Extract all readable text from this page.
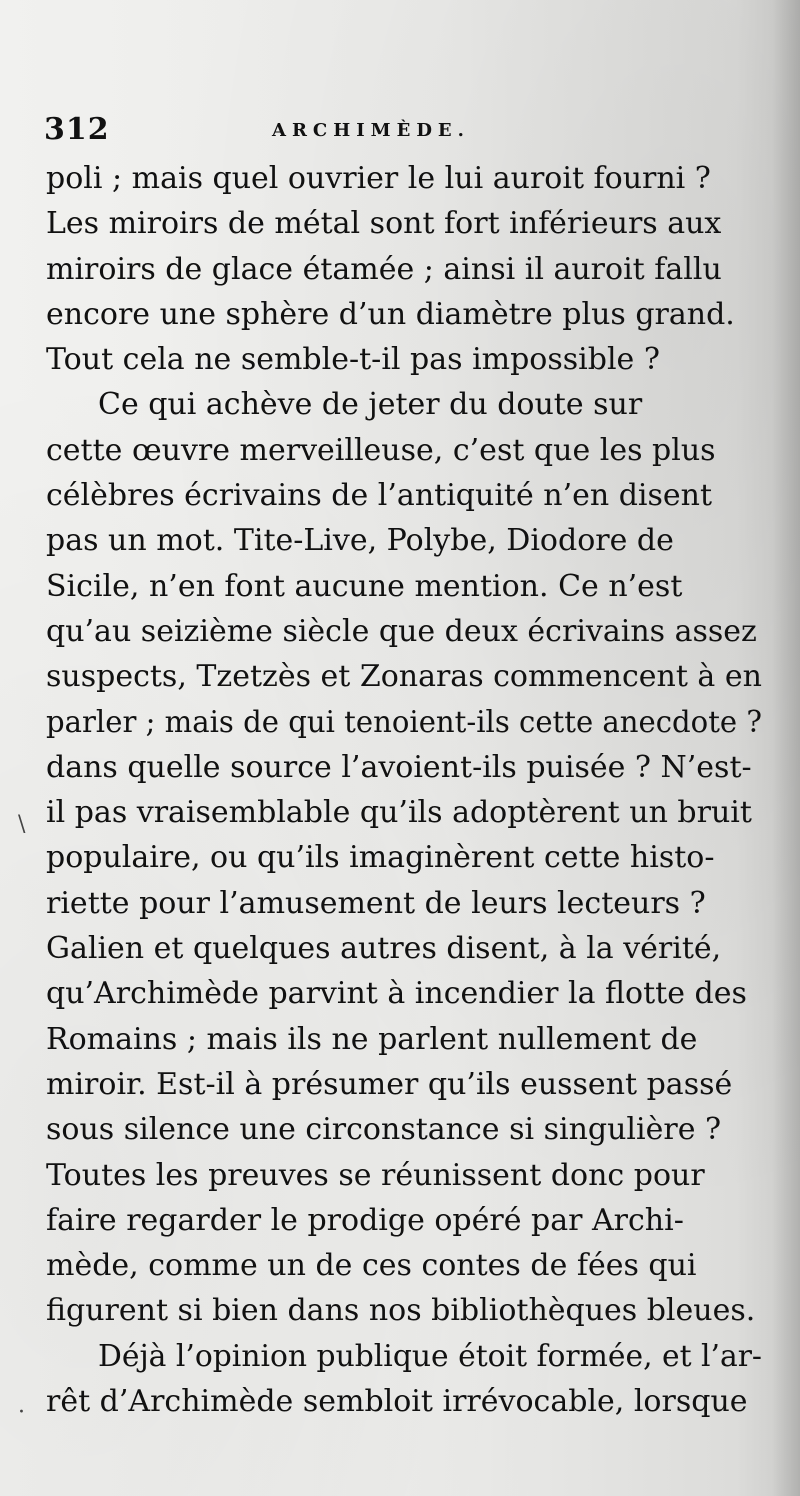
312	ARCHIMÈDE.
\
·
poli ; mais quel ouvrier le lui auroit fourni ?
Les miroirs de métal sont fort inférieurs aux
miroirs de glace étamée ; ainsi il auroit fallu
encore une sphère d’un diamètre plus grand.
Tout cela ne semble-t-il pas impossible ?
Ce qui achève de jeter du doute sur
cette œuvre merveilleuse, c’est que les plus
célèbres écrivains de l’antiquité n’en disent
pas un mot. Tite-Live, Polybe, Diodore de
Sicile, n’en font aucune mention. Ce n’est
qu’au seizième siècle que deux écrivains assez
suspects, Tzetzès et Zonaras commencent à en
parler ; mais de qui tenoient-ils cette anecdote ?
dans quelle source l’avoient-ils puisée ? N’est-
il pas vraisemblable qu’ils adoptèrent un bruit
populaire, ou qu’ils imaginèrent cette histo-
riette pour l’amusement de leurs lecteurs ?
Galien et quelques autres disent, à la vérité,
qu’Archimède parvint à incendier la flotte des
Romains ; mais ils ne parlent nullement de
miroir. Est-il à présumer qu’ils eussent passé
sous silence une circonstance si singulière ?
Toutes les preuves se réunissent donc pour
faire regarder le prodige opéré par Archi-
mède, comme un de ces contes de fées qui
figurent si bien dans nos bibliothèques bleues.
Déjà l’opinion publique étoit formée, et l’ar-
rêt d’Archimède sembloit irrévocable, lorsque
